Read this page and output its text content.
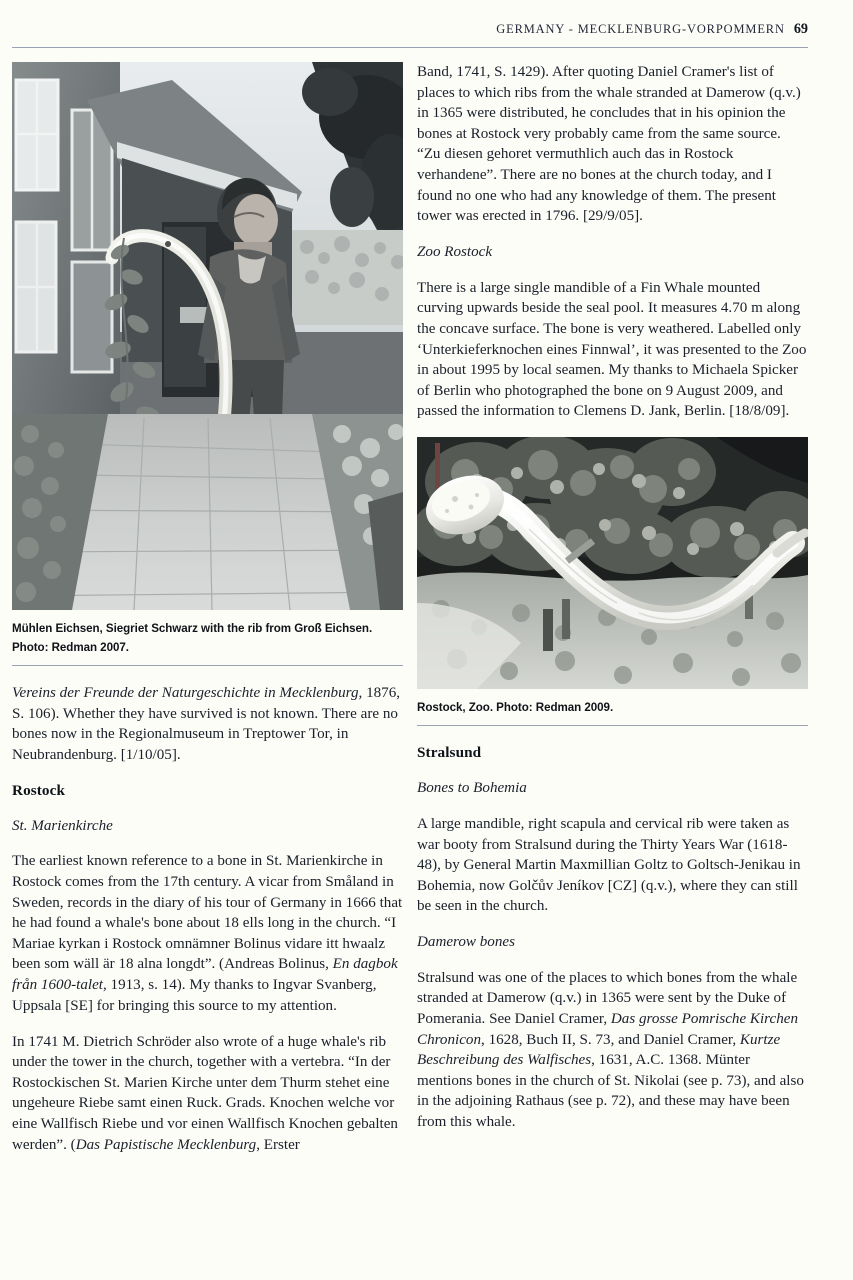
GERMANY - MECKLENBURG-VORPOMMERN 69
Mühlen Eichsen, Siegriet Schwarz with the rib from Groß Eichsen. Photo: Redman 2007.

Vereins der Freunde der Naturgeschichte in Mecklenburg, 1876, S. 106). Whether they have survived is not known. There are no bones now in the Regionalmuseum in Treptower Tor, in Neubrandenburg. [1/10/05].

Rostock
St. Marienkirche

The earliest known reference to a bone in St. Marienkirche in Rostock comes from the 17th century. A vicar from Småland in Sweden, records in the diary of his tour of Germany in 1666 that he had found a whale's bone about 18 ells long in the church. “I Mariae kyrkan i Rostock omnämner Bolinus vidare itt hwaalz been som wäll är 18 alna longdt”. (Andreas Bolinus, En dagbok från 1600-talet, 1913, s. 14). My thanks to Ingvar Svanberg, Uppsala [SE] for bringing this source to my attention.

In 1741 M. Dietrich Schröder also wrote of a huge whale's rib under the tower in the church, together with a vertebra. “In der Rostockischen St. Marien Kirche unter dem Thurm stehet eine ungeheure Riebe samt einen Ruck. Grads. Knochen welche vor eine Wallfisch Riebe und vor einen Wallfisch Knochen gebalten werden”. (Das Papistische Mecklenburg, Erster

Band, 1741, S. 1429). After quoting Daniel Cramer's list of places to which ribs from the whale stranded at Damerow (q.v.) in 1365 were distributed, he concludes that in his opinion the bones at Rostock very probably came from the same source. “Zu diesen gehoret vermuthlich auch das in Rostock verhandene”. There are no bones at the church today, and I found no one who had any knowledge of them. The present tower was erected in 1796. [29/9/05].

Zoo Rostock

There is a large single mandible of a Fin Whale mounted curving upwards beside the seal pool. It measures 4.70 m along the concave surface. The bone is very weathered. Labelled only ‘Unterkieferknochen eines Finnwal’, it was presented to the Zoo in about 1995 by local seamen. My thanks to Michaela Spicker of Berlin who photographed the bone on 9 August 2009, and passed the information to Clemens D. Jank, Berlin. [18/8/09].

Rostock, Zoo. Photo: Redman 2009.
Stralsund
Bones to Bohemia

A large mandible, right scapula and cervical rib were taken as war booty from Stralsund during the Thirty Years War (1618-48), by General Martin Maxmillian Goltz to Goltsch-Jenikau in Bohemia, now Golčův Jeníkov [CZ] (q.v.), where they can still be seen in the church.

Damerow bones

Stralsund was one of the places to which bones from the whale stranded at Damerow (q.v.) in 1365 were sent by the Duke of Pomerania. See Daniel Cramer, Das grosse Pomrische Kirchen Chronicon, 1628, Buch II, S. 73, and Daniel Cramer, Kurtze Beschreibung des Walfisches, 1631, A.C. 1368. Münter mentions bones in the church of St. Nikolai (see p. 73), and also in the adjoining Rathaus (see p. 72), and these may have been from this whale.
